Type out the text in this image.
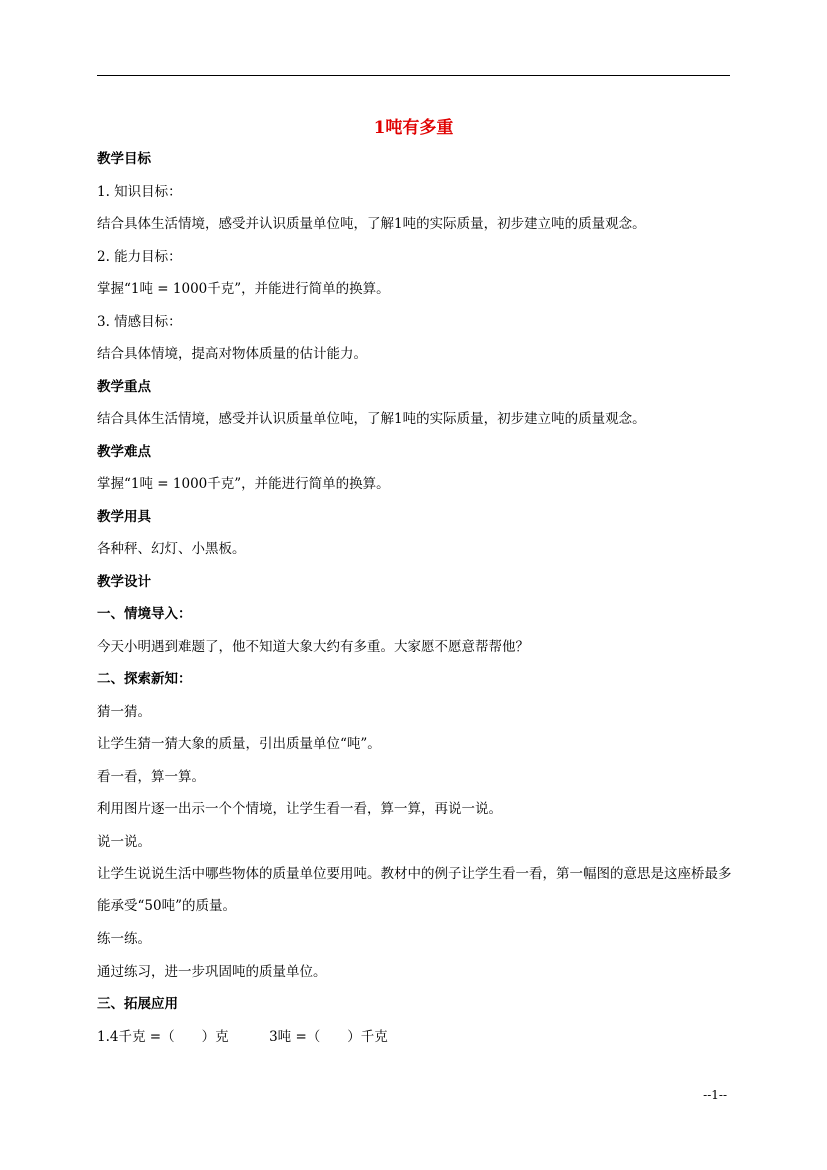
1吨有多重
教学目标
1. 知识目标：
结合具体生活情境，感受并认识质量单位吨，了解1吨的实际质量，初步建立吨的质量观念。
2. 能力目标：
掌握“1吨 = 1000千克”，并能进行简单的换算。
3. 情感目标：
结合具体情境，提高对物体质量的估计能力。
教学重点
结合具体生活情境，感受并认识质量单位吨，了解1吨的实际质量，初步建立吨的质量观念。
教学难点
掌握“1吨 = 1000千克”，并能进行简单的换算。
教学用具
各种秤、幻灯、小黑板。
教学设计
一、情境导入：
今天小明遇到难题了，他不知道大象大约有多重。大家愿不愿意帮帮他？
二、探索新知：
猜一猜。
让学生猜一猜大象的质量，引出质量单位“吨”。
看一看，算一算。
利用图片逐一出示一个个情境，让学生看一看，算一算，再说一说。
说一说。
让学生说说生活中哪些物体的质量单位要用吨。教材中的例子让学生看一看，第一幅图的意思是这座桥最多能承受“50吨”的质量。
练一练。
通过练习，进一步巩固吨的质量单位。
三、拓展应用
1.4千克 =（　　）克　　　3吨 =（　　）千克
--1--
